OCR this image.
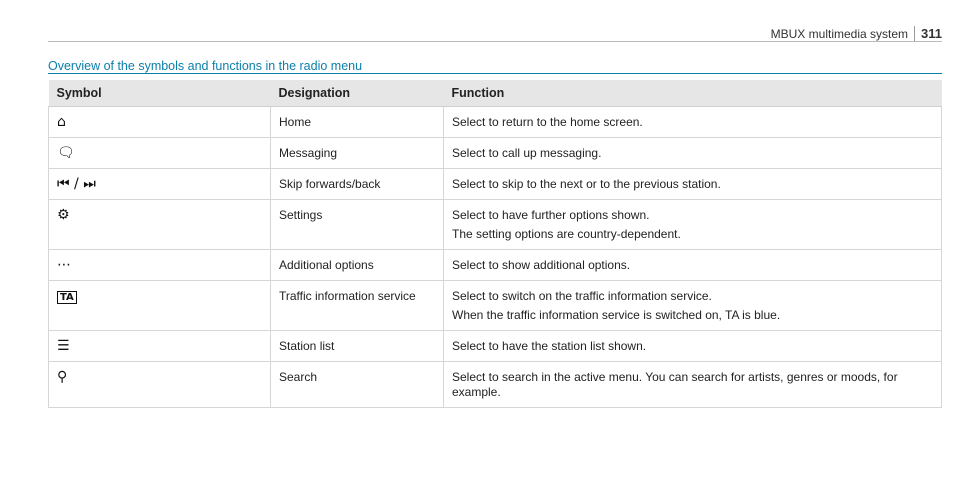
MBUX multimedia system	311
Overview of the symbols and functions in the radio menu
Symbol	Designation	Function
⌂	Home	Select to return to the home screen.
🗨	Messaging	Select to call up messaging.
⏮ / ⏭	Skip forwards/back	Select to skip to the next or to the previous station.
⚙	Settings	Select to have further options shown.
The setting options are country-dependent.

⋯	Additional options	Select to show additional options.
TA	Traffic information service	Select to switch on the traffic information service.
When the traffic information service is switched on, TA is blue.

☰	Station list	Select to have the station list shown.
⚲	Search	Select to search in the active menu. You can search for artists, genres or moods, for example.
